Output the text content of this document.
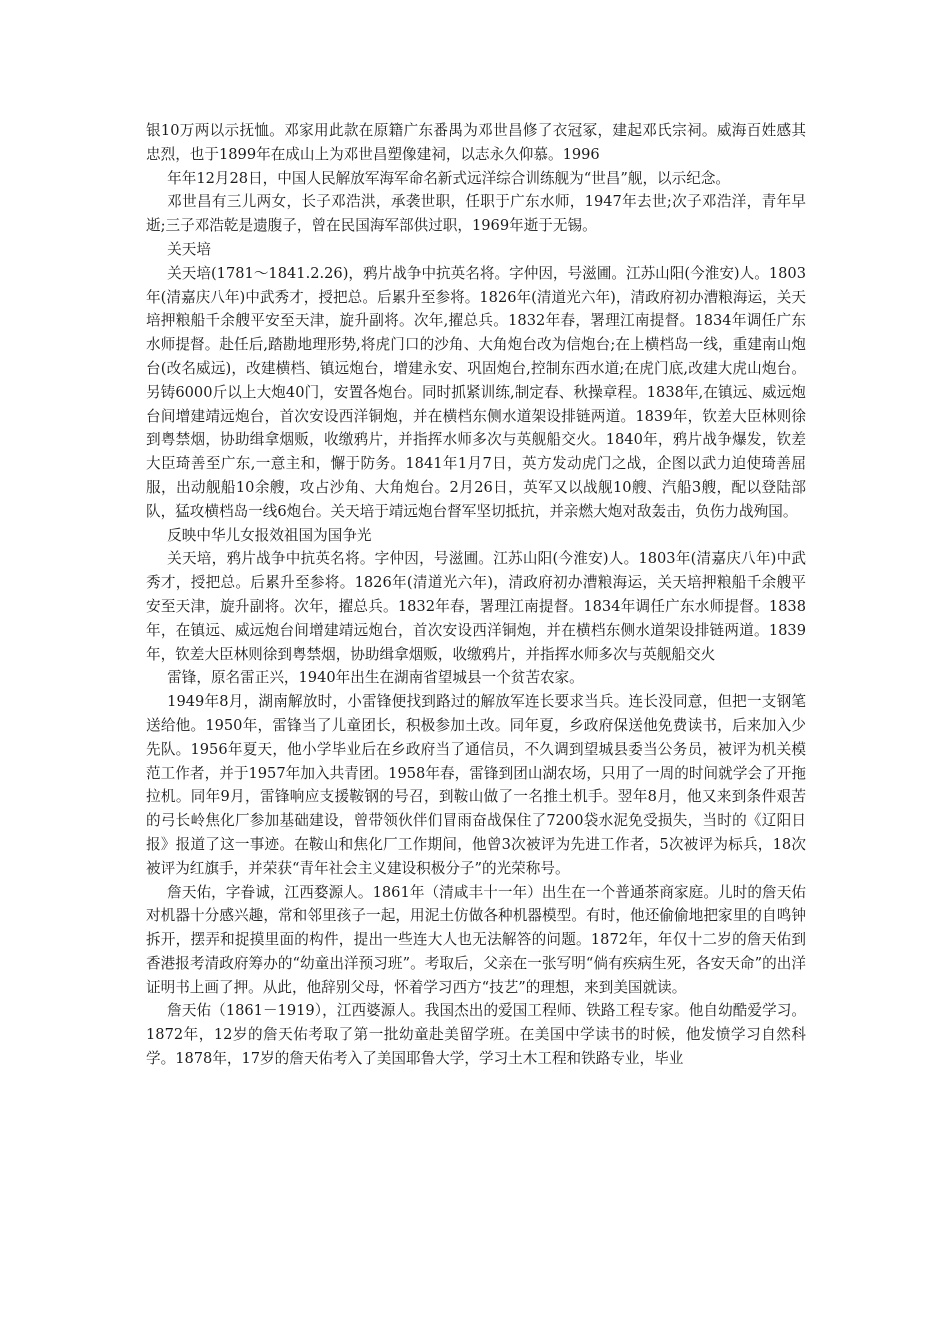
银10万两以示抚恤。邓家用此款在原籍广东番禺为邓世昌修了衣冠冢，建起邓氏宗祠。威海百姓感其忠烈，也于1899年在成山上为邓世昌塑像建祠，以志永久仰慕。1996

年年12月28日，中国人民解放军海军命名新式远洋综合训练舰为“世昌”舰，以示纪念。

邓世昌有三儿两女，长子邓浩洪，承袭世职，任职于广东水师，1947年去世;次子邓浩洋，青年早逝;三子邓浩乾是遗腹子，曾在民国海军部供过职，1969年逝于无锡。

关天培

关天培(1781～1841.2.26)，鸦片战争中抗英名将。字仲因，号滋圃。江苏山阳(今淮安)人。1803年(清嘉庆八年)中武秀才，授把总。后累升至参将。1826年(清道光六年)，清政府初办漕粮海运，关天培押粮船千余艘平安至天津，旋升副将。次年,擢总兵。1832年春，署理江南提督。1834年调任广东水师提督。赴任后,踏勘地理形势,将虎门口的沙角、大角炮台改为信炮台;在上横档岛一线，重建南山炮台(改名威远)，改建横档、镇远炮台，增建永安、巩固炮台,控制东西水道;在虎门底,改建大虎山炮台。另铸6000斤以上大炮40门，安置各炮台。同时抓紧训练,制定春、秋操章程。1838年,在镇远、威远炮台间增建靖远炮台，首次安设西洋铜炮，并在横档东侧水道架设排链两道。1839年，钦差大臣林则徐到粤禁烟，协助缉拿烟贩，收缴鸦片，并指挥水师多次与英舰船交火。1840年，鸦片战争爆发，钦差大臣琦善至广东,一意主和，懈于防务。1841年1月7日，英方发动虎门之战，企图以武力迫使琦善屈服，出动舰船10余艘，攻占沙角、大角炮台。2月26日，英军又以战舰10艘、汽船3艘，配以登陆部队，猛攻横档岛一线6炮台。关天培于靖远炮台督军坚切抵抗，并亲燃大炮对敌轰击，负伤力战殉国。

反映中华儿女报效祖国为国争光

关天培，鸦片战争中抗英名将。字仲因，号滋圃。江苏山阳(今淮安)人。1803年(清嘉庆八年)中武秀才，授把总。后累升至参将。1826年(清道光六年)，清政府初办漕粮海运，关天培押粮船千余艘平安至天津，旋升副将。次年，擢总兵。1832年春，署理江南提督。1834年调任广东水师提督。1838年，在镇远、威远炮台间增建靖远炮台，首次安设西洋铜炮，并在横档东侧水道架设排链两道。1839年，钦差大臣林则徐到粤禁烟，协助缉拿烟贩，收缴鸦片，并指挥水师多次与英舰船交火

雷锋，原名雷正兴，1940年出生在湖南省望城县一个贫苦农家。

1949年8月，湖南解放时，小雷锋便找到路过的解放军连长要求当兵。连长没同意，但把一支钢笔送给他。1950年，雷锋当了儿童团长，积极参加土改。同年夏，乡政府保送他免费读书，后来加入少先队。1956年夏天，他小学毕业后在乡政府当了通信员，不久调到望城县委当公务员，被评为机关模范工作者，并于1957年加入共青团。1958年春，雷锋到团山湖农场，只用了一周的时间就学会了开拖拉机。同年9月，雷锋响应支援鞍钢的号召，到鞍山做了一名推土机手。翌年8月，他又来到条件艰苦的弓长岭焦化厂参加基础建设，曾带领伙伴们冒雨奋战保住了7200袋水泥免受损失，当时的《辽阳日报》报道了这一事迹。在鞍山和焦化厂工作期间，他曾3次被评为先进工作者，5次被评为标兵，18次被评为红旗手，并荣获“青年社会主义建设积极分子”的光荣称号。

詹天佑，字眷诚，江西婺源人。1861年（清咸丰十一年）出生在一个普通茶商家庭。儿时的詹天佑对机器十分感兴趣，常和邻里孩子一起，用泥土仿做各种机器模型。有时，他还偷偷地把家里的自鸣钟拆开，摆弄和捉摸里面的构件，提出一些连大人也无法解答的问题。1872年，年仅十二岁的詹天佑到香港报考清政府筹办的“幼童出洋预习班”。考取后，父亲在一张写明“倘有疾病生死，各安天命”的出洋证明书上画了押。从此，他辞别父母，怀着学习西方“技艺”的理想，来到美国就读。

詹天佑（1861－1919），江西婆源人。我国杰出的爱国工程师、铁路工程专家。他自幼酷爱学习。1872年，12岁的詹天佑考取了第一批幼童赴美留学班。在美国中学读书的时候，他发愤学习自然科学。1878年，17岁的詹天佑考入了美国耶鲁大学，学习土木工程和铁路专业，毕业
